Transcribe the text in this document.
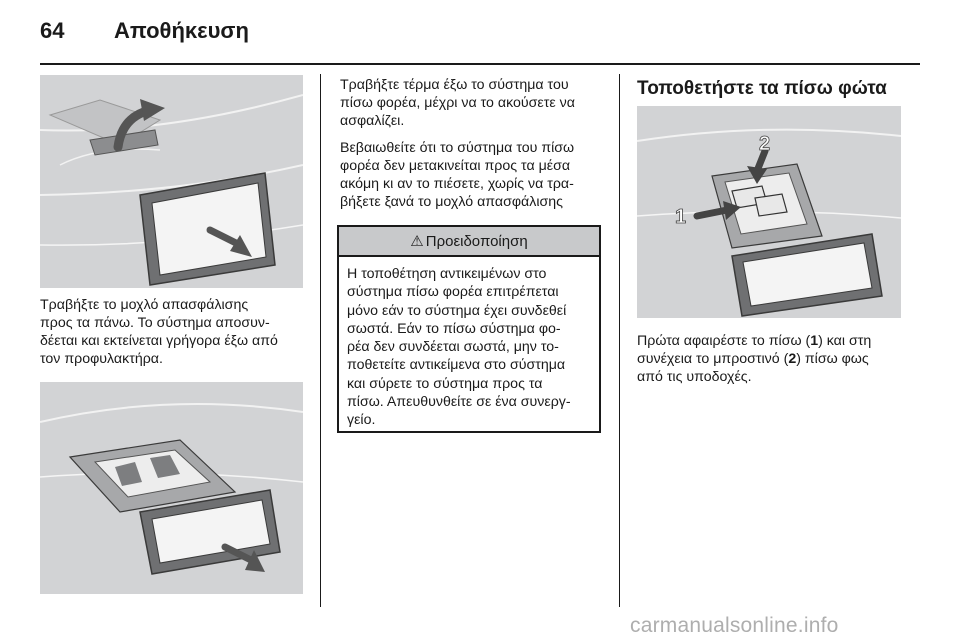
64 Αποθήκευση
Τραβήξτε το μοχλό απασφάλισης
προς τα πάνω. Το σύστημα αποσυν-
δέεται και εκτείνεται γρήγορα έξω από
τον προφυλακτήρα.
Τραβήξτε τέρμα έξω το σύστημα του
πίσω φορέα, μέχρι να το ακούσετε να
ασφαλίζει.
Βεβαιωθείτε ότι το σύστημα του πίσω
φορέα δεν μετακινείται προς τα μέσα
ακόμη κι αν το πιέσετε, χωρίς να τρα-
βήξετε ξανά το μοχλό απασφάλισης
⚠ Προειδοποίηση
Η τοποθέτηση αντικειμένων στο
σύστημα πίσω φορέα επιτρέπεται
μόνο εάν το σύστημα έχει συνδεθεί
σωστά. Εάν το πίσω σύστημα φο-
ρέα δεν συνδέεται σωστά, μην το-
ποθετείτε αντικείμενα στο σύστημα
και σύρετε το σύστημα προς τα
πίσω. Απευθυνθείτε σε ένα συνεργ-
γείο.
Τοποθετήστε τα πίσω φώτα
1
2
Πρώτα αφαιρέστε το πίσω (1) και στη
συνέχεια το μπροστινό (2) πίσω φως
από τις υποδοχές.
carmanualsonline.info
